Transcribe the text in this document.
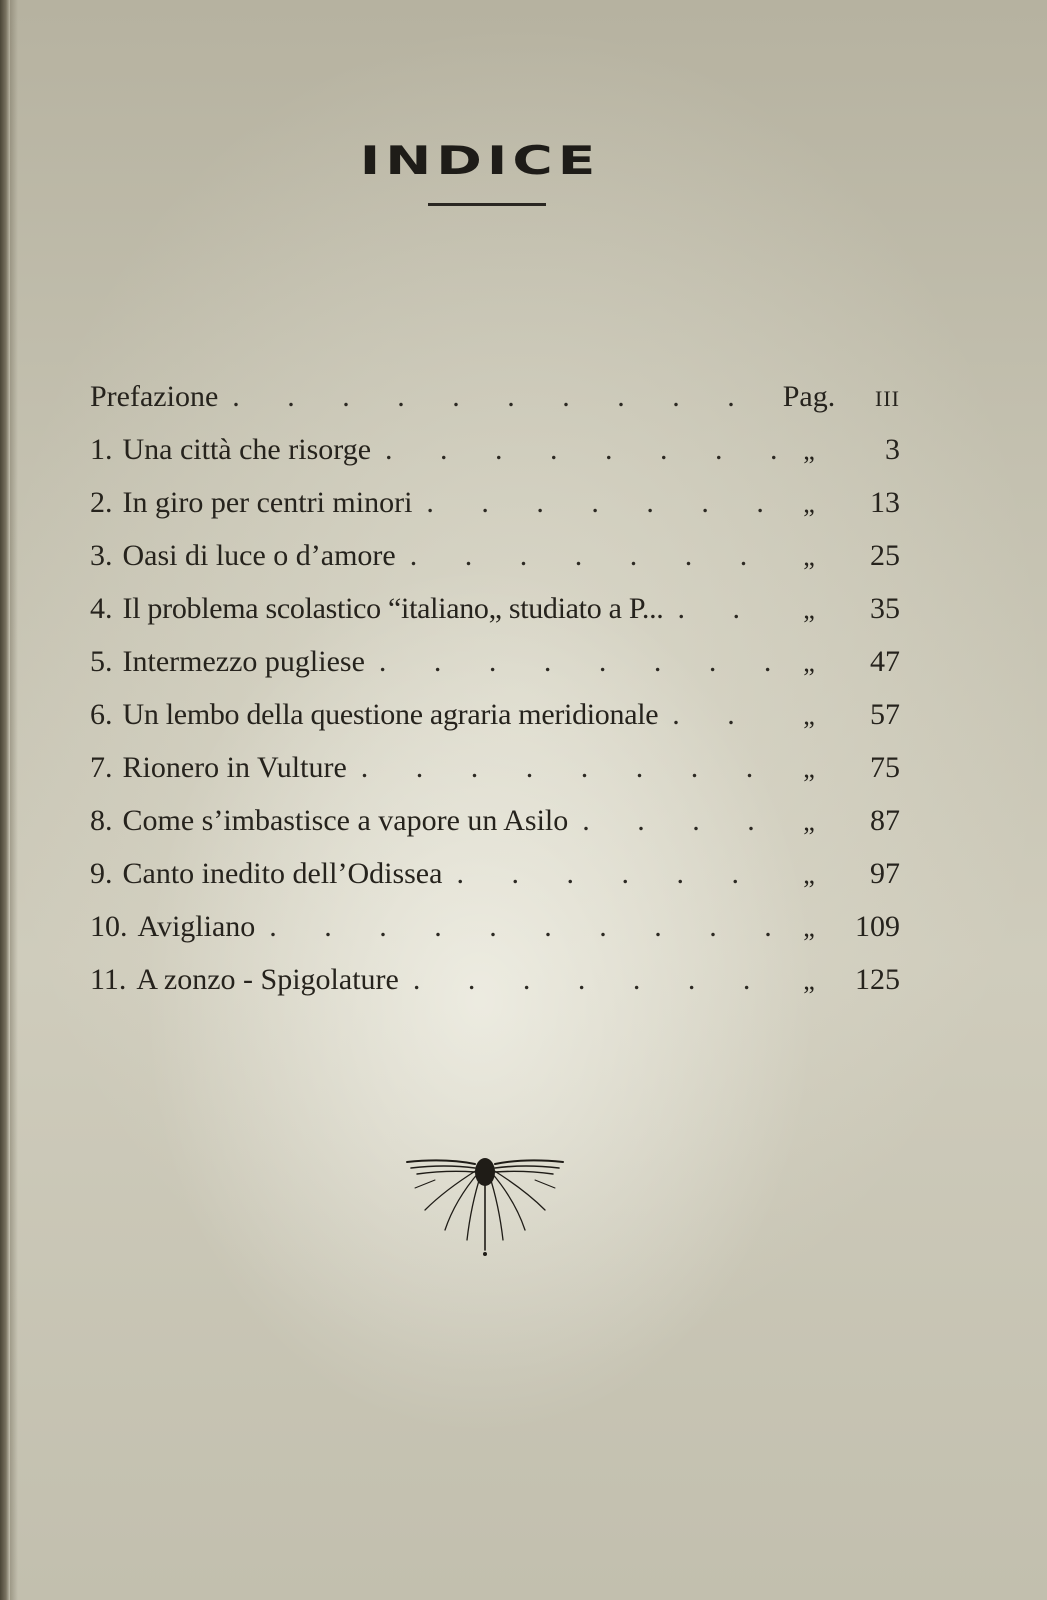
INDICE
Prefazione . . .	Pag.	III
1. Una città che risorge . . .	„	3
2. In giro per centri minori . . .	„	13
3. Oasi di luce o d’amore . . .	„	25
4. Il problema scolastico “italiano„ studiato a P... . . .	„	35
5. Intermezzo pugliese . . .	„	47
6. Un lembo della questione agraria meridionale . . .	„	57
7. Rionero in Vulture . . .	„	75
8. Come s’imbastisce a vapore un Asilo . . .	„	87
9. Canto inedito dell’Odissea . . .	„	97
10. Avigliano . . .	„	109
11. A zonzo - Spigolature . . .	„	125
